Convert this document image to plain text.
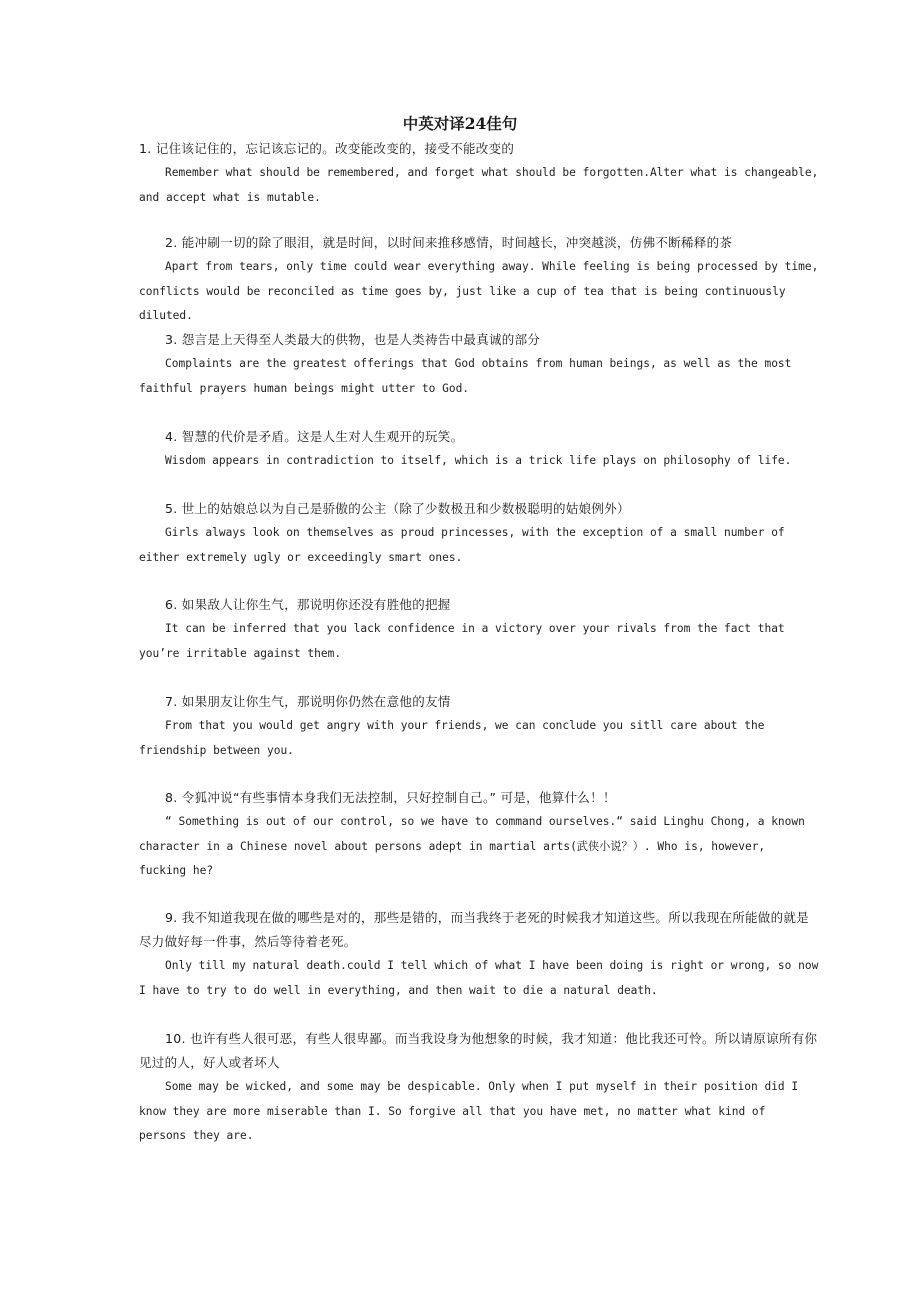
中英对译24佳句

1. 记住该记住的，忘记该忘记的。改变能改变的，接受不能改变的

Remember what should be remembered, and forget what should be forgotten.Alter what is changeable, and accept what is mutable.

2. 能冲刷一切的除了眼泪，就是时间，以时间来推移感情，时间越长，冲突越淡，仿佛不断稀释的茶

Apart from tears, only time could wear everything away. While feeling is being processed by time, conflicts would be reconciled as time goes by, just like a cup of tea that is being continuously diluted.

3. 怨言是上天得至人类最大的供物，也是人类祷告中最真诚的部分

Complaints are the greatest offerings that God obtains from human beings, as well as the most faithful prayers human beings might utter to God.

4. 智慧的代价是矛盾。这是人生对人生观开的玩笑。

Wisdom appears in contradiction to itself, which is a trick life plays on philosophy of life.

5. 世上的姑娘总以为自己是骄傲的公主（除了少数极丑和少数极聪明的姑娘例外）

Girls always look on themselves as proud princesses, with the exception of a small number of either extremely ugly or exceedingly smart ones.

6. 如果敌人让你生气，那说明你还没有胜他的把握

It can be inferred that you lack confidence in a victory over your rivals from the fact that you’re irritable against them.

7. 如果朋友让你生气，那说明你仍然在意他的友情

From that you would get angry with your friends, we can conclude you sitll care about the friendship between you.

8. 令狐冲说“有些事情本身我们无法控制，只好控制自己。” 可是，他算什么！！

“ Something is out of our control, so we have to command ourselves.“ said Linghu Chong, a known character in a Chinese novel about persons adept in martial arts(武侠小说？）. Who is, however, fucking he?

9. 我不知道我现在做的哪些是对的，那些是错的，而当我终于老死的时候我才知道这些。所以我现在所能做的就是尽力做好每一件事，然后等待着老死。

Only till my natural death.could I tell which of what I have been doing is right or wrong, so now I have to try to do well in everything, and then wait to die a natural death.

10. 也许有些人很可恶，有些人很卑鄙。而当我设身为他想象的时候，我才知道：他比我还可怜。所以请原谅所有你见过的人，好人或者坏人

Some may be wicked, and some may be despicable. Only when I put myself in their position did I know they are more miserable than I. So forgive all that you have met, no matter what kind of persons they are.
